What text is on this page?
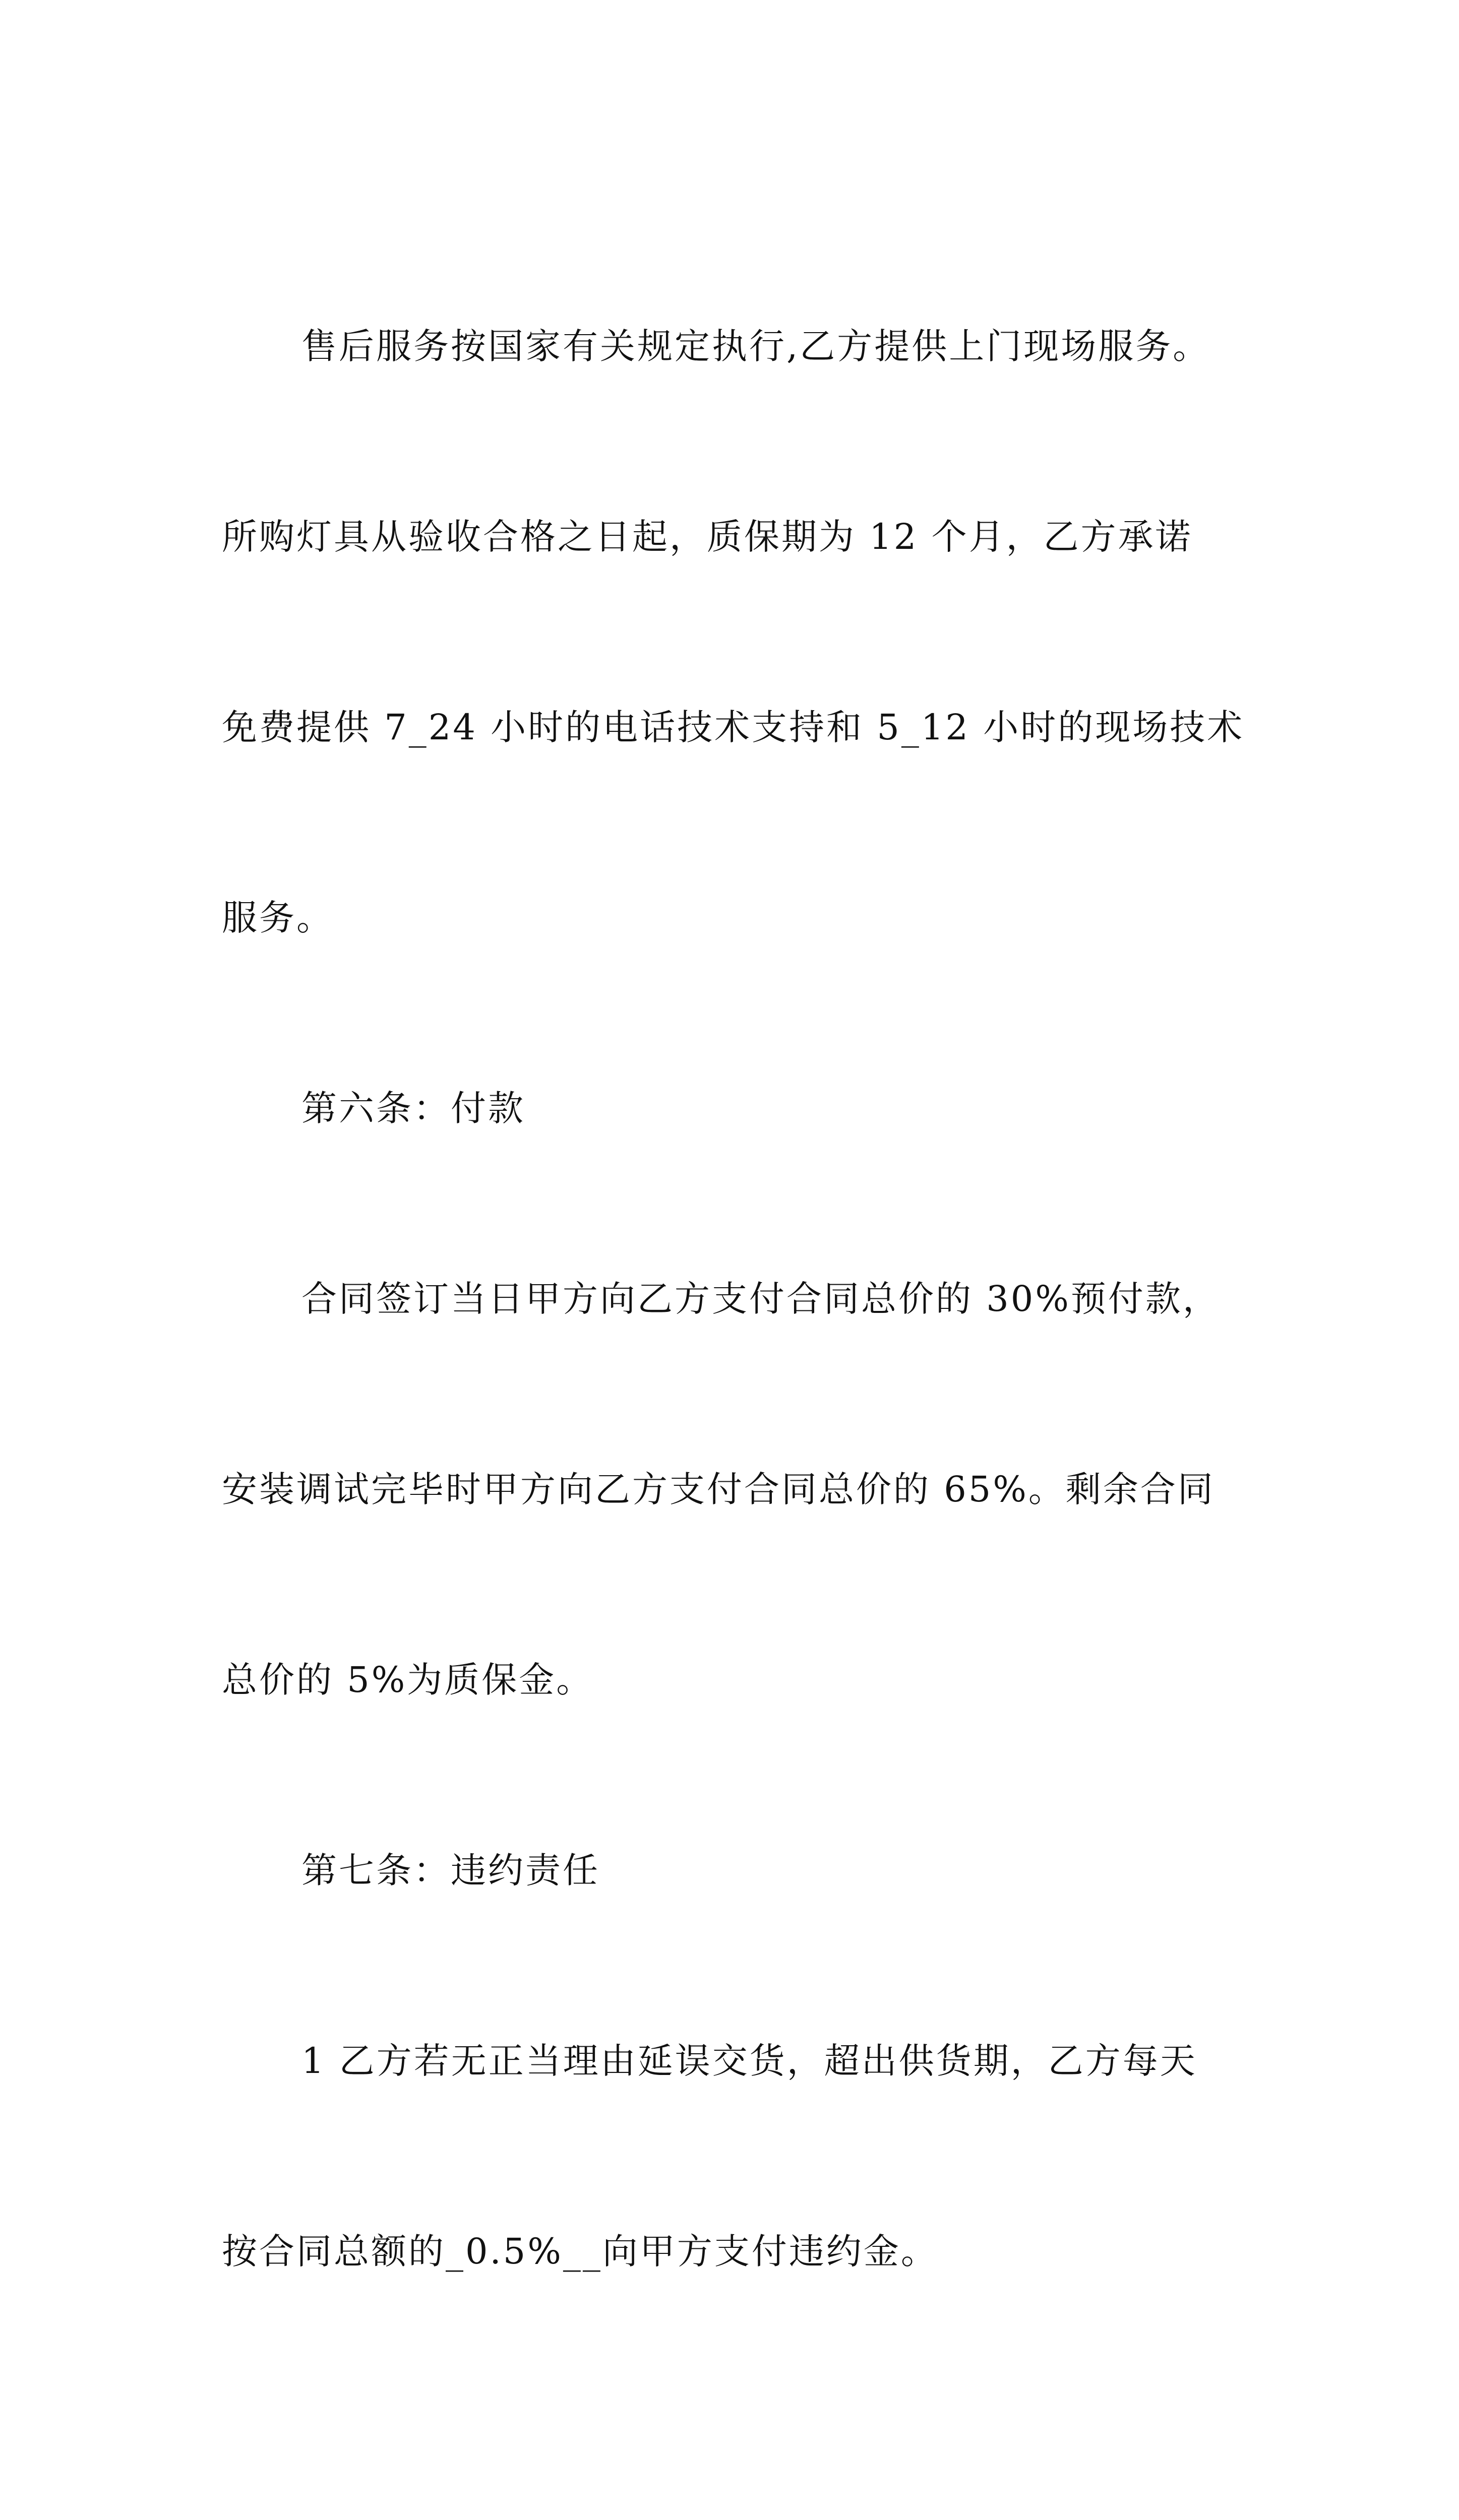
售后服务按国家有关规定执行,乙方提供上门现场服务。

所购灯具从验收合格之日起，质保期为 12 个月，乙方承诺

免费提供 7_24 小时的电话技术支持和 5_12 小时的现场技术

服务。

第六条：付款

合同签订当日甲方向乙方支付合同总价的 30%预付款，

安装调试完毕时甲方向乙方支付合同总价的 65%。剩余合同

总价的 5%为质保金。

第七条：违约责任

1 乙方若无正当理由延误交货，超出供货期，乙方每天

按合同总额的_0.5%__向甲方支付违约金。
